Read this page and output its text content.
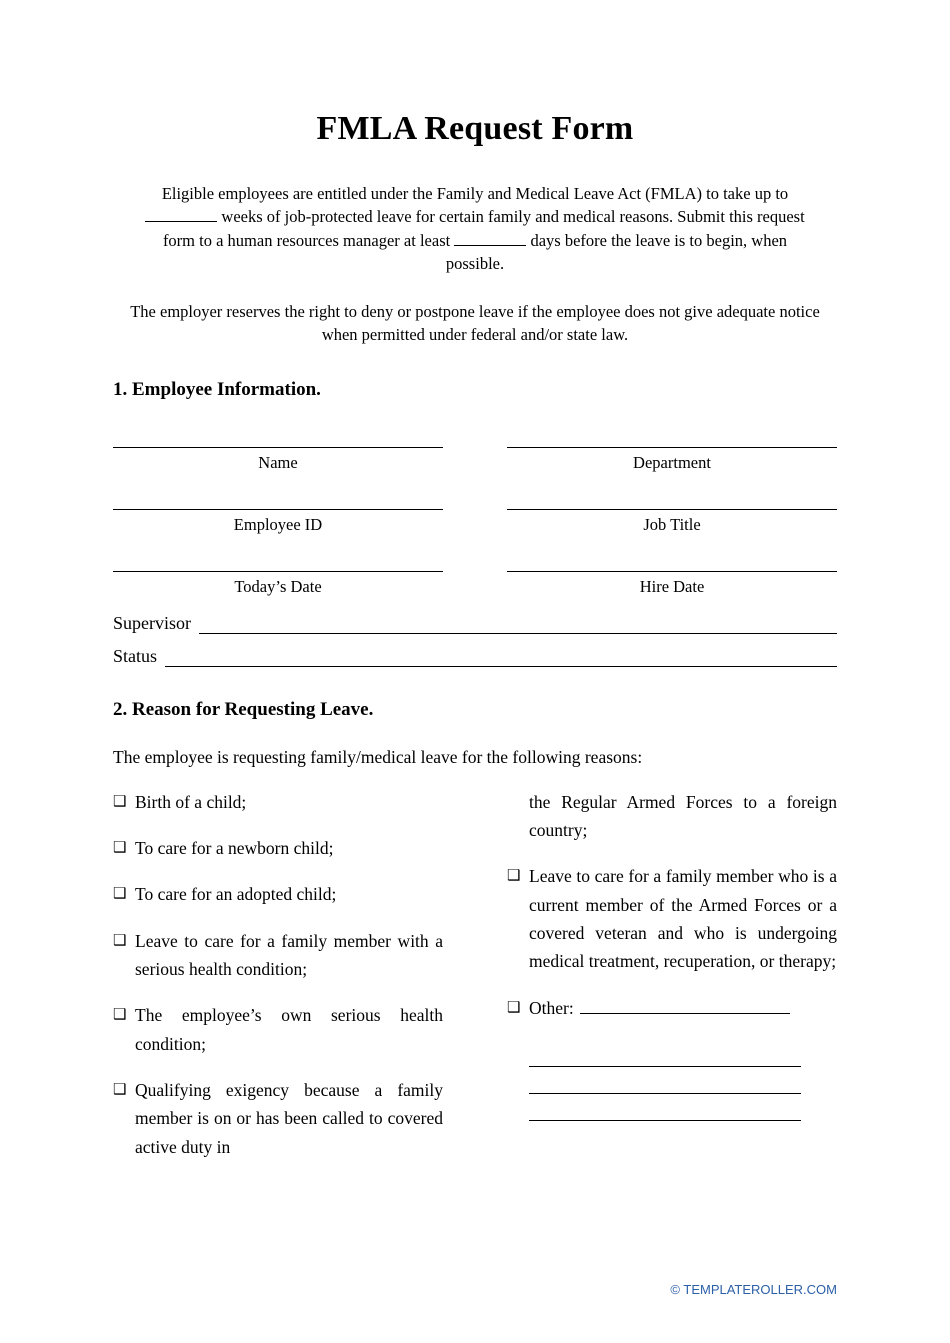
FMLA Request Form

Eligible employees are entitled under the Family and Medical Leave Act (FMLA) to take up to  weeks of job-protected leave for certain family and medical reasons. Submit this request form to a human resources manager at least	days before the leave is to begin, when possible.

The employer reserves the right to deny or postpone leave if the employee does not give adequate notice when permitted under federal and/or state law.

1. Employee Information.
Name	Department
Employee ID	Job Title
Today’s Date	Hire Date
Supervisor
Status
2. Reason for Requesting Leave.

The employee is requesting family/medical leave for the following reasons:

❑ Birth of a child;
❑ To care for a newborn child;
❑ To care for an adopted child;
❑ Leave to care for a family member with a serious health condition;
❑ The employee’s own serious health condition;
❑ Qualifying exigency because a family member is on or has been called to covered active duty in
the Regular Armed Forces to a foreign country;
❑ Leave to care for a family member who is a current member of the Armed Forces or a covered veteran and who is undergoing medical treatment, recuperation, or therapy;
❑ Other:
© TEMPLATEROLLER.COM
